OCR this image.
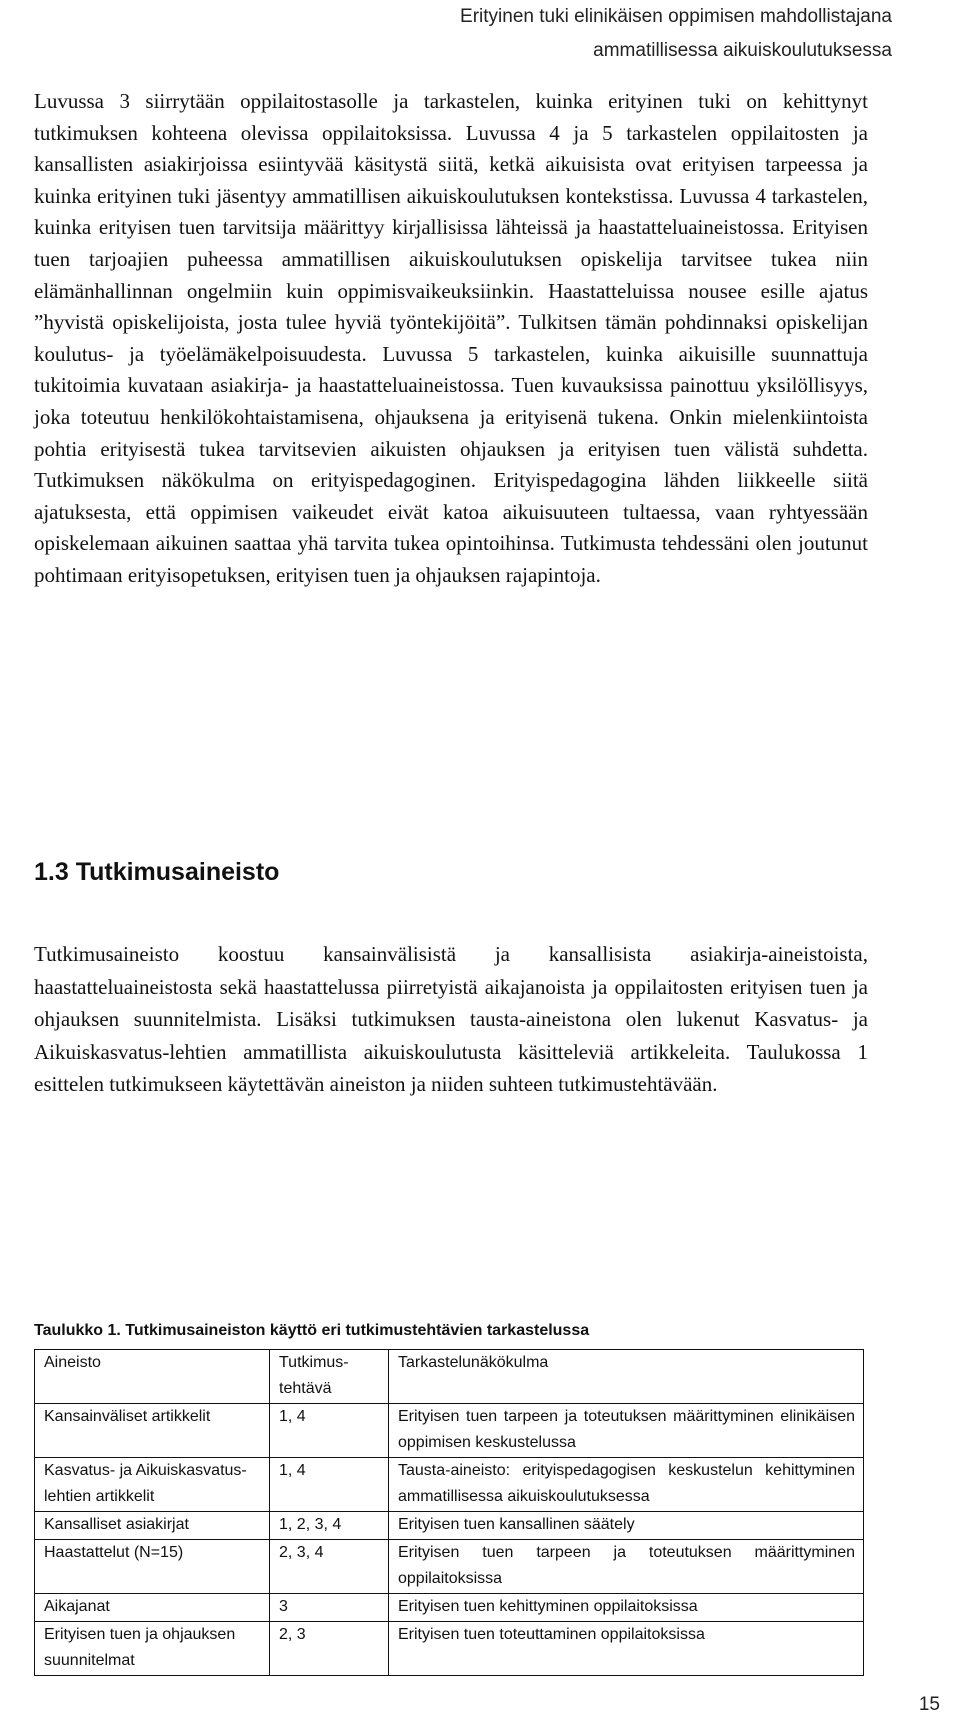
Erityinen tuki elinikäisen oppimisen mahdollistajana
ammatillisessa aikuiskoulutuksessa
Luvussa 3 siirrytään oppilaitostasolle ja tarkastelen, kuinka erityinen tuki on kehittynyt tutkimuksen kohteena olevissa oppilaitoksissa. Luvussa 4 ja 5 tarkastelen oppilaitosten ja kansallisten asiakirjoissa esiintyvää käsitystä siitä, ketkä aikuisista ovat erityisen tarpeessa ja kuinka erityinen tuki jäsentyy ammatillisen aikuiskoulutuksen kontekstissa. Luvussa 4 tarkastelen, kuinka erityisen tuen tarvitsija määrittyy kirjallisissa lähteissä ja haastatteluaineistossa. Erityisen tuen tarjoajien puheessa ammatillisen aikuiskoulutuksen opiskelija tarvitsee tukea niin elämänhallinnan ongelmiin kuin oppimisvaikeuksiinkin. Haastatteluissa nousee esille ajatus ”hyvistä opiskelijoista, josta tulee hyviä työntekijöitä”. Tulkitsen tämän pohdinnaksi opiskelijan koulutus- ja työelämäkelpoisuudesta. Luvussa 5 tarkastelen, kuinka aikuisille suunnattuja tukitoimia kuvataan asiakirja- ja haastatteluaineistossa. Tuen kuvauksissa painottuu yksilöllisyys, joka toteutuu henkilökohtaistamisena, ohjauksena ja erityisenä tukena. Onkin mielenkiintoista pohtia erityisestä tukea tarvitsevien aikuisten ohjauksen ja erityisen tuen välistä suhdetta. Tutkimuksen näkökulma on erityispedagoginen. Erityispedagogina lähden liikkeelle siitä ajatuksesta, että oppimisen vaikeudet eivät katoa aikuisuuteen tultaessa, vaan ryhtyessään opiskelemaan aikuinen saattaa yhä tarvita tukea opintoihinsa. Tutkimusta tehdessäni olen joutunut pohtimaan erityisopetuksen, erityisen tuen ja ohjauksen rajapintoja.
1.3 Tutkimusaineisto
Tutkimusaineisto koostuu kansainvälisistä ja kansallisista asiakirja-aineistoista, haastatteluaineistosta sekä haastattelussa piirretyistä aikajanoista ja oppilaitosten erityisen tuen ja ohjauksen suunnitelmista. Lisäksi tutkimuksen tausta-aineistona olen lukenut Kasvatus- ja Aikuiskasvatus-lehtien ammatillista aikuiskoulutusta käsitteleviä artikkeleita. Taulukossa 1 esittelen tutkimukseen käytettävän aineiston ja niiden suhteen tutkimustehtävään.
Taulukko 1. Tutkimusaineiston käyttö eri tutkimustehtävien tarkastelussa
Aineisto	Tutkimus-tehtävä	Tarkastelunäkökulma
Kansainväliset artikkelit	1, 4	Erityisen tuen tarpeen ja toteutuksen määrittyminen elinikäisen oppimisen keskustelussa
Kasvatus- ja Aikuiskasvatus-lehtien artikkelit	1, 4	Tausta-aineisto: erityispedagogisen keskustelun kehittyminen ammatillisessa aikuiskoulutuksessa
Kansalliset asiakirjat	1, 2, 3, 4	Erityisen tuen kansallinen säätely
Haastattelut (N=15)	2, 3, 4	Erityisen tuen tarpeen ja toteutuksen määrittyminen oppilaitoksissa
Aikajanat	3	Erityisen tuen kehittyminen oppilaitoksissa
Erityisen tuen ja ohjauksen suunnitelmat	2, 3	Erityisen tuen toteuttaminen oppilaitoksissa
15
